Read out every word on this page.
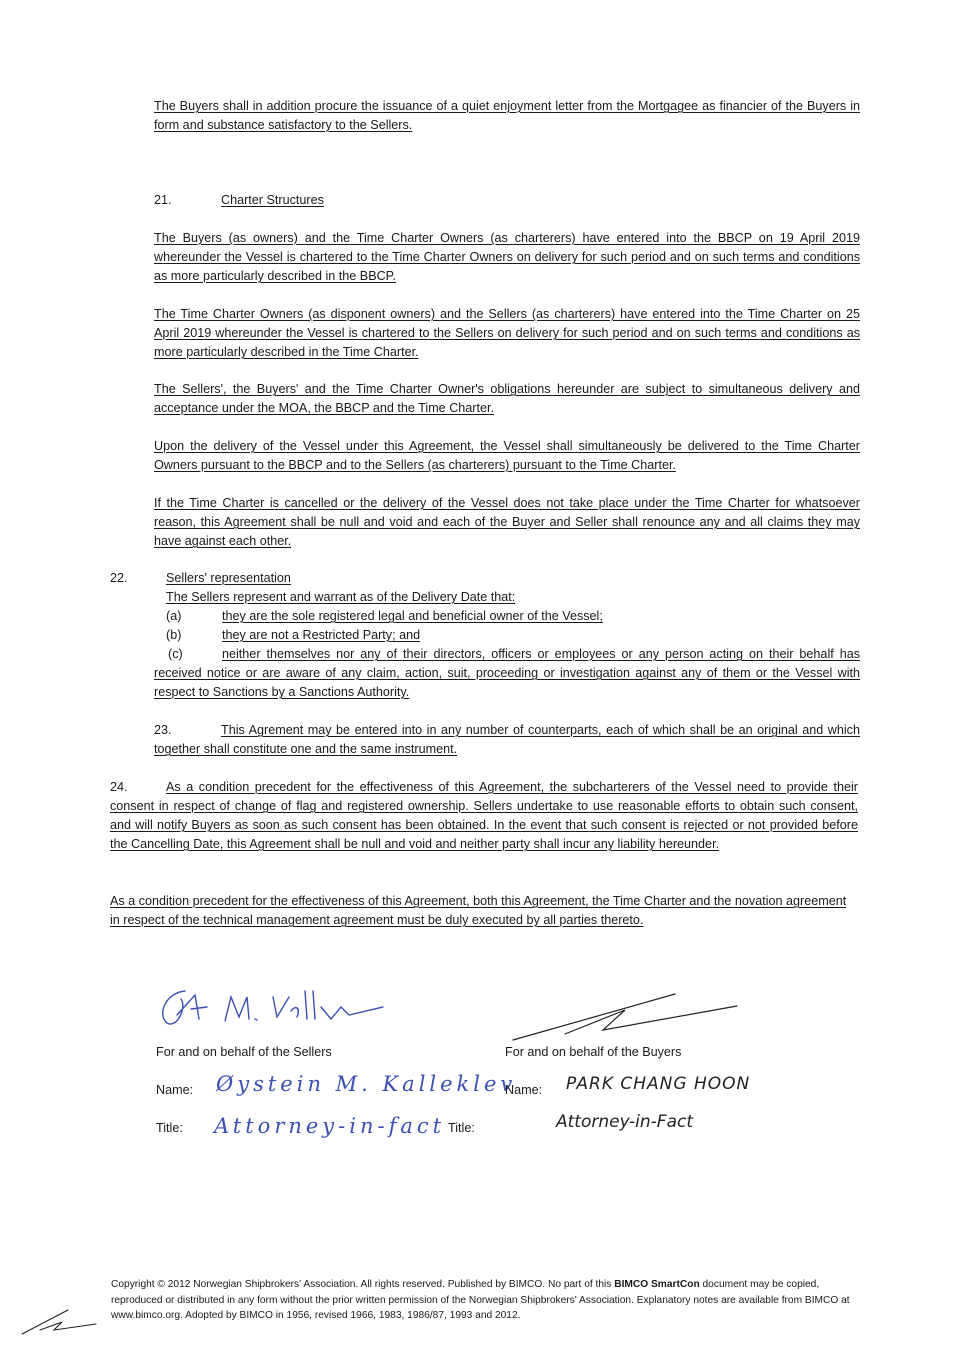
The Buyers shall in addition procure the issuance of a quiet enjoyment letter from the Mortgagee as financier of the Buyers in form and substance satisfactory to the Sellers.
21.	Charter Structures
The Buyers (as owners) and the Time Charter Owners (as charterers) have entered into the BBCP on 19 April 2019 whereunder the Vessel is chartered to the Time Charter Owners on delivery for such period and on such terms and conditions as more particularly described in the BBCP.
The Time Charter Owners (as disponent owners) and the Sellers (as charterers) have entered into the Time Charter on 25 April 2019 whereunder the Vessel is chartered to the Sellers on delivery for such period and on such terms and conditions as more particularly described in the Time Charter.
The Sellers', the Buyers' and the Time Charter Owner's obligations hereunder are subject to simultaneous delivery and acceptance under the MOA, the BBCP and the Time Charter.
Upon the delivery of the Vessel under this Agreement, the Vessel shall simultaneously be delivered to the Time Charter Owners pursuant to the BBCP and to the Sellers (as charterers) pursuant to the Time Charter.
If the Time Charter is cancelled or the delivery of the Vessel does not take place under the Time Charter for whatsoever reason, this Agreement shall be null and void and each of the Buyer and Seller shall renounce any and all claims they may have against each other.
22.	Sellers' representation
The Sellers represent and warrant as of the Delivery Date that:
(a)	they are the sole registered legal and beneficial owner of the Vessel;
(b)	they are not a Restricted Party; and
(c)	neither themselves nor any of their directors, officers or employees or any person acting on their behalf has received notice or are aware of any claim, action, suit, proceeding or investigation against any of them or the Vessel with respect to Sanctions by a Sanctions Authority.
23.	This Agrement may be entered into in any number of counterparts, each of which shall be an original and which together shall constitute one and the same instrument.
24.	As a condition precedent for the effectiveness of this Agreement, the subcharterers of the Vessel need to provide their consent in respect of change of flag and registered ownership. Sellers undertake to use reasonable efforts to obtain such consent, and will notify Buyers as soon as such consent has been obtained. In the event that such consent is rejected or not provided before the Cancelling Date, this Agreement shall be null and void and neither party shall incur any liability hereunder.
As a condition precedent for the effectiveness of this Agreement, both this Agreement, the Time Charter and the novation agreement in respect of the technical management agreement must be duly executed by all parties thereto.
For and on behalf of the Sellers
Name: Øystein M. Kalleklev
Title: Attorney-in-fact
For and on behalf of the Buyers
Name: PARK CHANG HOON
Title:	Attorney-in-Fact
Copyright © 2012 Norwegian Shipbrokers' Association. All rights reserved. Published by BIMCO. No part of this BIMCO SmartCon document may be copied, reproduced or distributed in any form without the prior written permission of the Norwegian Shipbrokers' Association. Explanatory notes are available from BIMCO at www.bimco.org. Adopted by BIMCO in 1956, revised 1966, 1983, 1986/87, 1993 and 2012.
